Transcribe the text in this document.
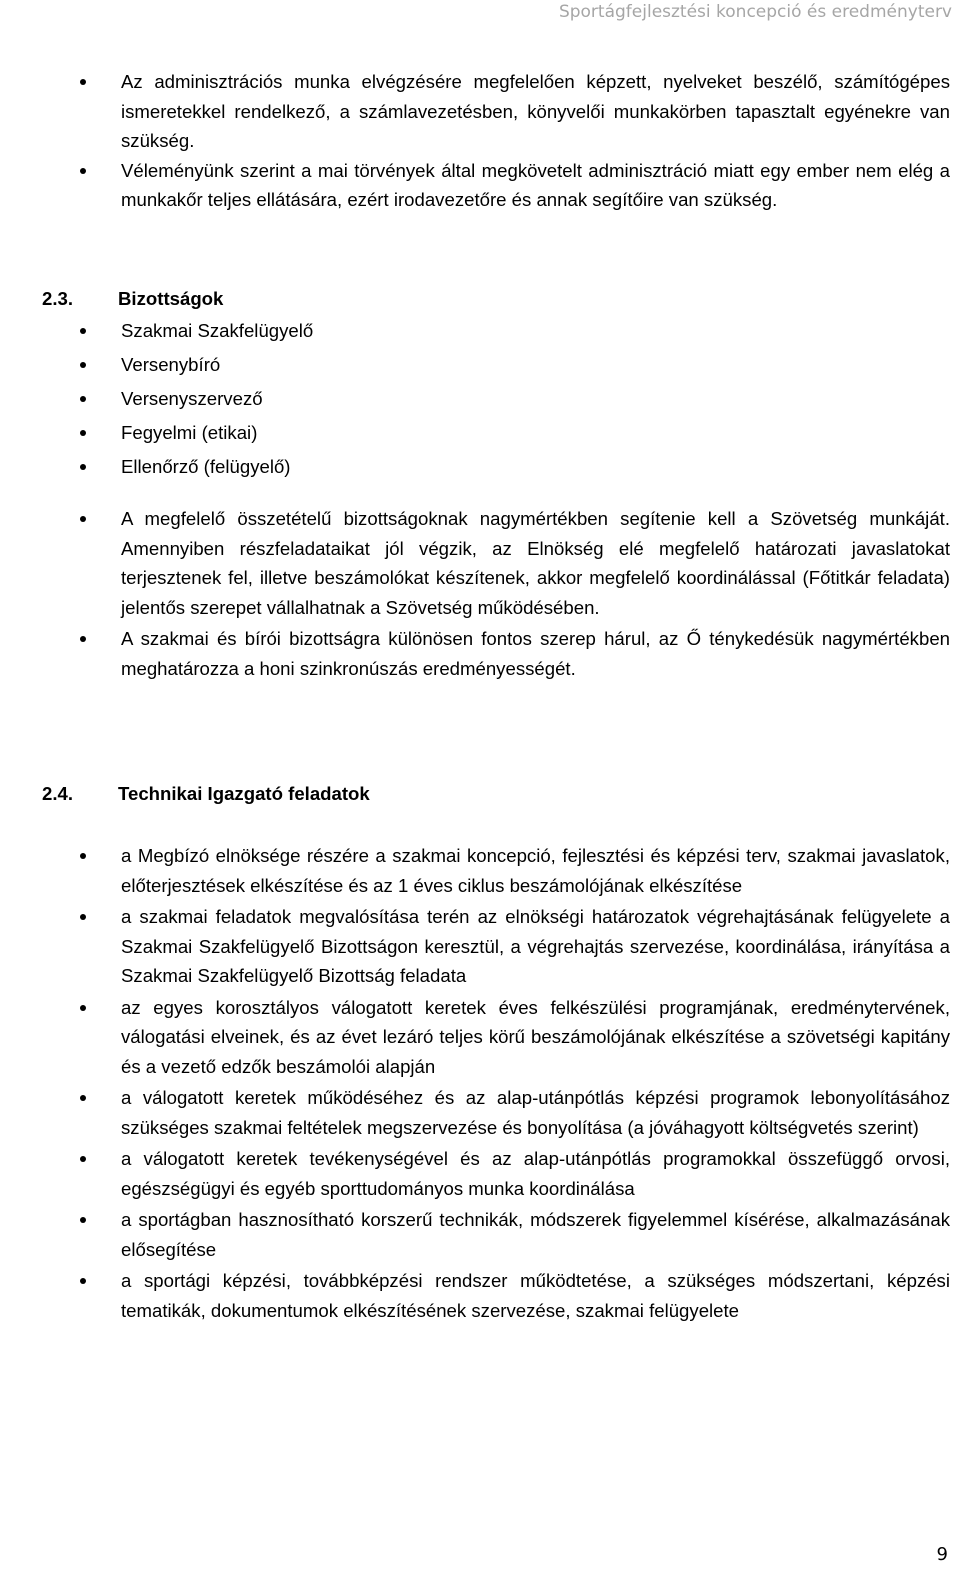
Sportágfejlesztési koncepció és eredményterv
Az adminisztrációs munka elvégzésére megfelelően képzett, nyelveket beszélő, számítógépes ismeretekkel rendelkező, a számlavezetésben, könyvelői munkakörben tapasztalt egyénekre van szükség.
Véleményünk szerint a mai törvények által megkövetelt adminisztráció miatt egy ember nem elég a munkakőr teljes ellátására, ezért irodavezetőre és annak segítőire van szükség.
2.3. Bizottságok
Szakmai Szakfelügyelő
Versenybíró
Versenyszervező
Fegyelmi (etikai)
Ellenőrző (felügyelő)
A megfelelő összetételű bizottságoknak nagymértékben segítenie kell a Szövetség munkáját. Amennyiben részfeladataikat jól végzik, az Elnökség elé megfelelő határozati javaslatokat terjesztenek fel, illetve beszámolókat készítenek, akkor megfelelő koordinálással (Főtitkár feladata) jelentős szerepet vállalhatnak a Szövetség működésében.
A szakmai és bírói bizottságra különösen fontos szerep hárul, az Ő ténykedésük nagymértékben meghatározza a honi szinkronúszás eredményességét.
2.4. Technikai Igazgató feladatok
a Megbízó elnöksége részére a szakmai koncepció, fejlesztési és képzési terv, szakmai javaslatok, előterjesztések elkészítése és az 1 éves ciklus beszámolójának elkészítése
a szakmai feladatok megvalósítása terén az elnökségi határozatok végrehajtásának felügyelete a Szakmai Szakfelügyelő Bizottságon keresztül, a végrehajtás szervezése, koordinálása, irányítása a Szakmai Szakfelügyelő Bizottság feladata
az egyes korosztályos válogatott keretek éves felkészülési programjának, eredménytervének, válogatási elveinek, és az évet lezáró teljes körű beszámolójának elkészítése a szövetségi kapitány és a vezető edzők beszámolói alapján
a válogatott keretek működéséhez és az alap-utánpótlás képzési programok lebonyolításához szükséges szakmai feltételek megszervezése és bonyolítása (a jóváhagyott költségvetés szerint)
a válogatott keretek tevékenységével és az alap-utánpótlás programokkal összefüggő orvosi, egészségügyi és egyéb sporttudományos munka koordinálása
a sportágban hasznosítható korszerű technikák, módszerek figyelemmel kísérése, alkalmazásának elősegítése
a sportági képzési, továbbképzési rendszer működtetése, a szükséges módszertani, képzési tematikák, dokumentumok elkészítésének szervezése, szakmai felügyelete
9
